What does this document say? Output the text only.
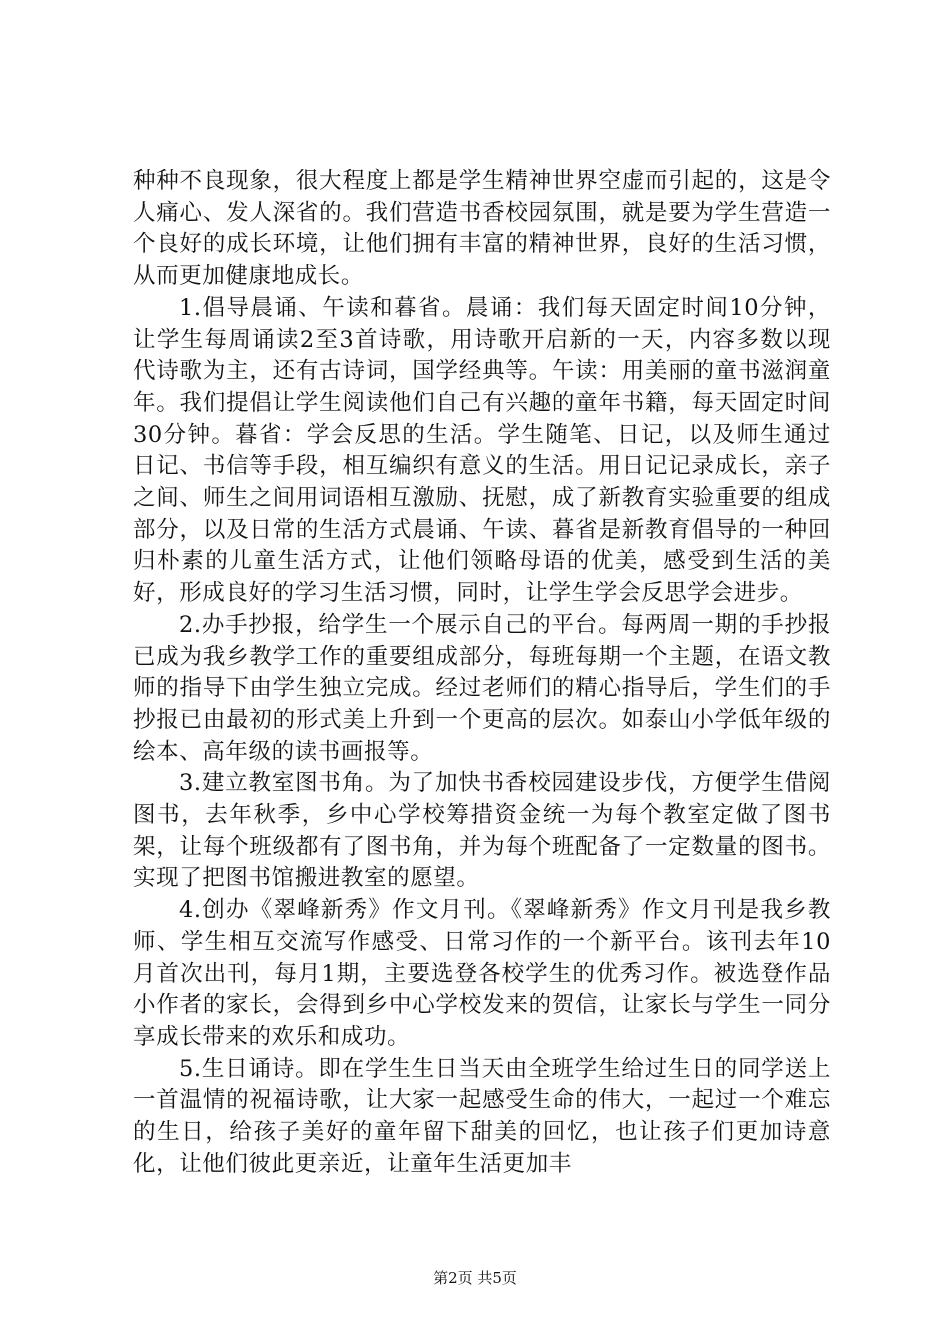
种种不良现象，很大程度上都是学生精神世界空虚而引起的，这是令人痛心、发人深省的。我们营造书香校园氛围，就是要为学生营造一个良好的成长环境，让他们拥有丰富的精神世界，良好的生活习惯，从而更加健康地成长。

1.倡导晨诵、午读和暮省。晨诵：我们每天固定时间10分钟，让学生每周诵读2至3首诗歌，用诗歌开启新的一天，内容多数以现代诗歌为主，还有古诗词，国学经典等。午读：用美丽的童书滋润童年。我们提倡让学生阅读他们自己有兴趣的童年书籍，每天固定时间30分钟。暮省：学会反思的生活。学生随笔、日记，以及师生通过日记、书信等手段，相互编织有意义的生活。用日记记录成长，亲子之间、师生之间用词语相互激励、抚慰，成了新教育实验重要的组成部分，以及日常的生活方式晨诵、午读、暮省是新教育倡导的一种回归朴素的儿童生活方式，让他们领略母语的优美，感受到生活的美好，形成良好的学习生活习惯，同时，让学生学会反思学会进步。

2.办手抄报，给学生一个展示自己的平台。每两周一期的手抄报已成为我乡教学工作的重要组成部分，每班每期一个主题，在语文教师的指导下由学生独立完成。经过老师们的精心指导后，学生们的手抄报已由最初的形式美上升到一个更高的层次。如泰山小学低年级的绘本、高年级的读书画报等。

3.建立教室图书角。为了加快书香校园建设步伐，方便学生借阅图书，去年秋季，乡中心学校筹措资金统一为每个教室定做了图书架，让每个班级都有了图书角，并为每个班配备了一定数量的图书。实现了把图书馆搬进教室的愿望。

4.创办《翠峰新秀》作文月刊。《翠峰新秀》作文月刊是我乡教师、学生相互交流写作感受、日常习作的一个新平台。该刊去年10月首次出刊，每月1期，主要选登各校学生的优秀习作。被选登作品小作者的家长，会得到乡中心学校发来的贺信，让家长与学生一同分享成长带来的欢乐和成功。

5.生日诵诗。即在学生生日当天由全班学生给过生日的同学送上一首温情的祝福诗歌，让大家一起感受生命的伟大，一起过一个难忘的生日，给孩子美好的童年留下甜美的回忆，也让孩子们更加诗意化，让他们彼此更亲近，让童年生活更加丰

第2页 共5页
